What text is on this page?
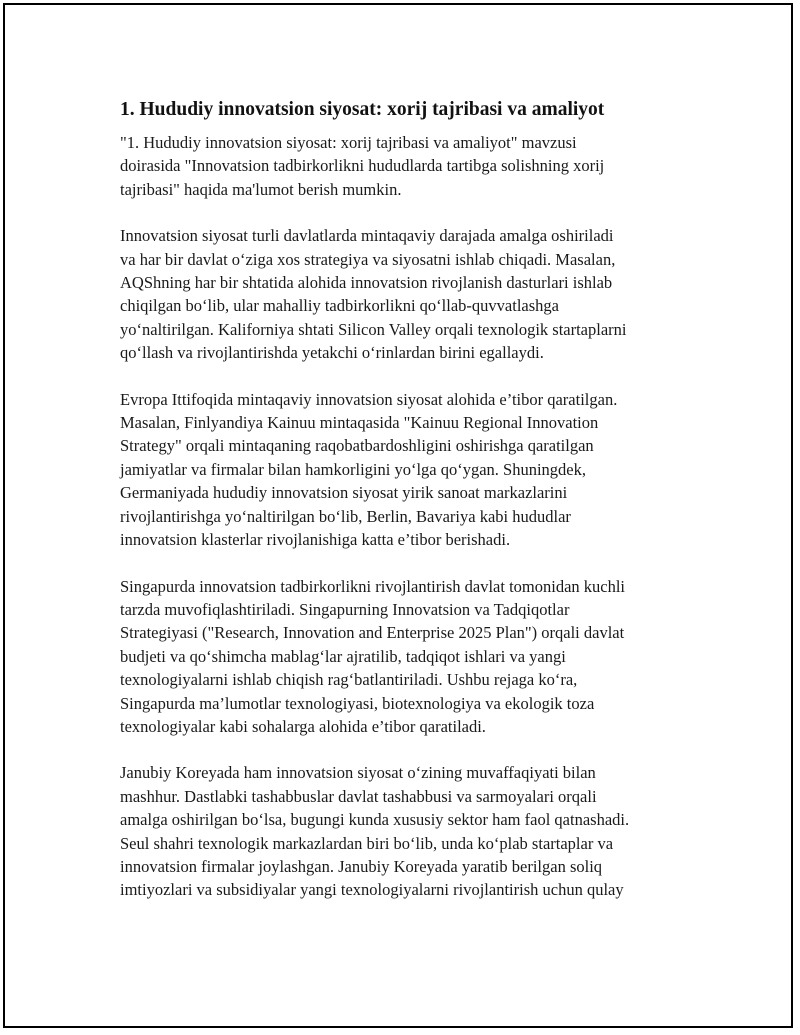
1. Hududiy innovatsion siyosat: xorij tajribasi va amaliyot

"1. Hududiy innovatsion siyosat: xorij tajribasi va amaliyot" mavzusi
doirasida "Innovatsion tadbirkorlikni hududlarda tartibga solishning xorij
tajribasi" haqida ma'lumot berish mumkin.

Innovatsion siyosat turli davlatlarda mintaqaviy darajada amalga oshiriladi
va har bir davlat o‘ziga xos strategiya va siyosatni ishlab chiqadi. Masalan,
AQShning har bir shtatida alohida innovatsion rivojlanish dasturlari ishlab
chiqilgan bo‘lib, ular mahalliy tadbirkorlikni qo‘llab-quvvatlashga
yo‘naltirilgan. Kaliforniya shtati Silicon Valley orqali texnologik startaplarni
qo‘llash va rivojlantirishda yetakchi o‘rinlardan birini egallaydi.

Evropa Ittifoqida mintaqaviy innovatsion siyosat alohida e’tibor qaratilgan.
Masalan, Finlyandiya Kainuu mintaqasida "Kainuu Regional Innovation
Strategy" orqali mintaqaning raqobatbardoshligini oshirishga qaratilgan
jamiyatlar va firmalar bilan hamkorligini yo‘lga qo‘ygan. Shuningdek,
Germaniyada hududiy innovatsion siyosat yirik sanoat markazlarini
rivojlantirishga yo‘naltirilgan bo‘lib, Berlin, Bavariya kabi hududlar
innovatsion klasterlar rivojlanishiga katta e’tibor berishadi.

Singapurda innovatsion tadbirkorlikni rivojlantirish davlat tomonidan kuchli
tarzda muvofiqlashtiriladi. Singapurning Innovatsion va Tadqiqotlar
Strategiyasi ("Research, Innovation and Enterprise 2025 Plan") orqali davlat
budjeti va qo‘shimcha mablag‘lar ajratilib, tadqiqot ishlari va yangi
texnologiyalarni ishlab chiqish rag‘batlantiriladi. Ushbu rejaga ko‘ra,
Singapurda ma’lumotlar texnologiyasi, biotexnologiya va ekologik toza
texnologiyalar kabi sohalarga alohida e’tibor qaratiladi.

Janubiy Koreyada ham innovatsion siyosat o‘zining muvaffaqiyati bilan
mashhur. Dastlabki tashabbuslar davlat tashabbusi va sarmoyalari orqali
amalga oshirilgan bo‘lsa, bugungi kunda xususiy sektor ham faol qatnashadi.
Seul shahri texnologik markazlardan biri bo‘lib, unda ko‘plab startaplar va
innovatsion firmalar joylashgan. Janubiy Koreyada yaratib berilgan soliq
imtiyozlari va subsidiyalar yangi texnologiyalarni rivojlantirish uchun qulay
